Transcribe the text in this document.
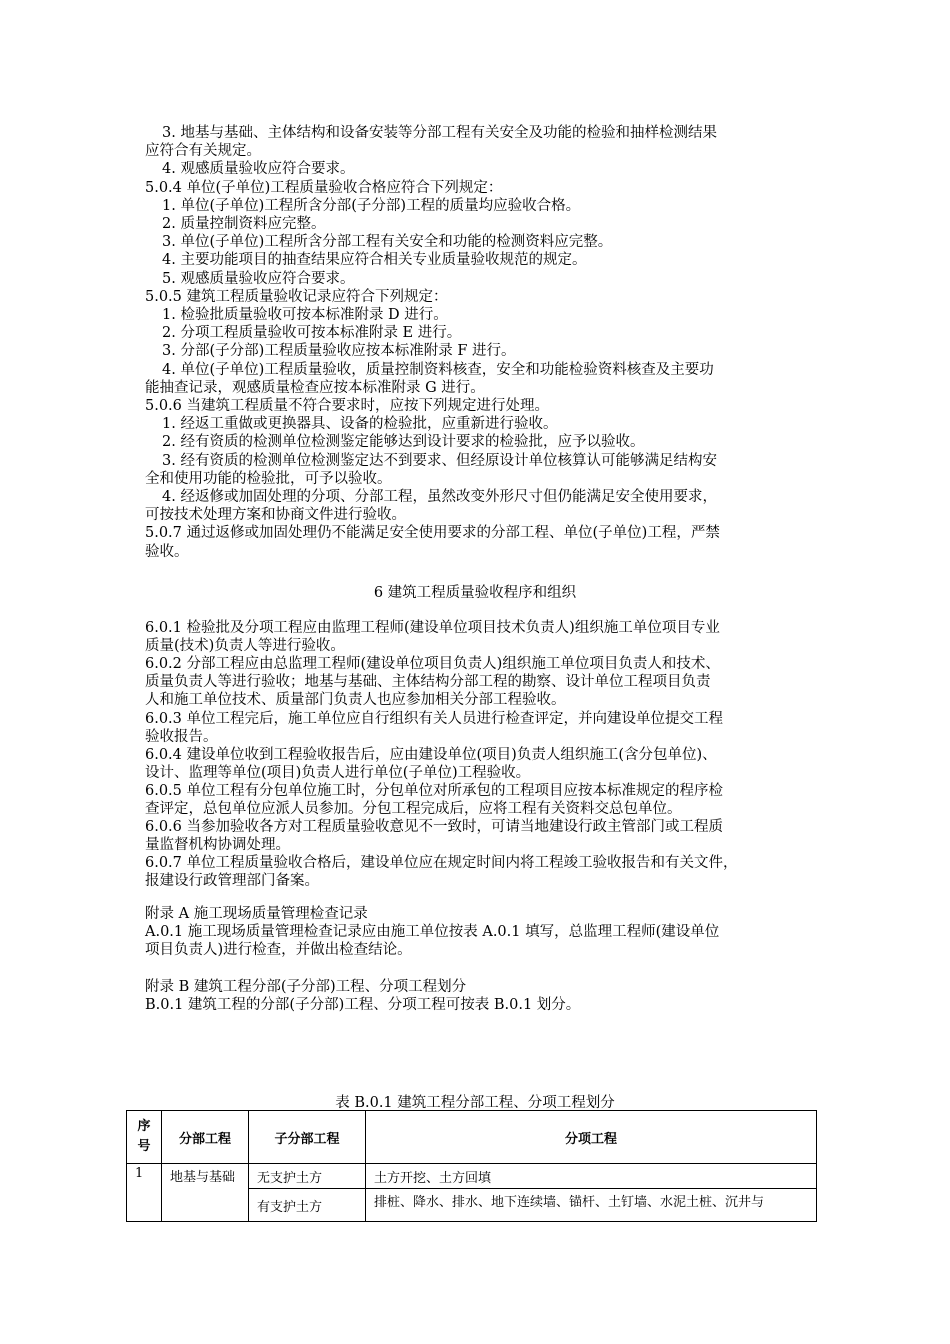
3. 地基与基础、主体结构和设备安装等分部工程有关安全及功能的检验和抽样检测结果
应符合有关规定。
4. 观感质量验收应符合要求。
5.0.4 单位(子单位)工程质量验收合格应符合下列规定：
1. 单位(子单位)工程所含分部(子分部)工程的质量均应验收合格。
2. 质量控制资料应完整。
3. 单位(子单位)工程所含分部工程有关安全和功能的检测资料应完整。
4. 主要功能项目的抽查结果应符合相关专业质量验收规范的规定。
5. 观感质量验收应符合要求。
5.0.5 建筑工程质量验收记录应符合下列规定：
1. 检验批质量验收可按本标准附录 D 进行。
2. 分项工程质量验收可按本标准附录 E 进行。
3. 分部(子分部)工程质量验收应按本标准附录 F 进行。
4. 单位(子单位)工程质量验收，质量控制资料核查，安全和功能检验资料核查及主要功
能抽查记录，观感质量检查应按本标准附录 G 进行。
5.0.6 当建筑工程质量不符合要求时，应按下列规定进行处理。
1. 经返工重做或更换器具、设备的检验批，应重新进行验收。
2. 经有资质的检测单位检测鉴定能够达到设计要求的检验批，应予以验收。
3. 经有资质的检测单位检测鉴定达不到要求、但经原设计单位核算认可能够满足结构安
全和使用功能的检验批，可予以验收。
4. 经返修或加固处理的分项、分部工程，虽然改变外形尺寸但仍能满足安全使用要求，
可按技术处理方案和协商文件进行验收。
5.0.7 通过返修或加固处理仍不能满足安全使用要求的分部工程、单位(子单位)工程，严禁
验收。
6 建筑工程质量验收程序和组织
6.0.1 检验批及分项工程应由监理工程师(建设单位项目技术负责人)组织施工单位项目专业
质量(技术)负责人等进行验收。
6.0.2 分部工程应由总监理工程师(建设单位项目负责人)组织施工单位项目负责人和技术、
质量负责人等进行验收；地基与基础、主体结构分部工程的勘察、设计单位工程项目负责
人和施工单位技术、质量部门负责人也应参加相关分部工程验收。
6.0.3 单位工程完后，施工单位应自行组织有关人员进行检查评定，并向建设单位提交工程
验收报告。
6.0.4 建设单位收到工程验收报告后，应由建设单位(项目)负责人组织施工(含分包单位)、
设计、监理等单位(项目)负责人进行单位(子单位)工程验收。
6.0.5 单位工程有分包单位施工时，分包单位对所承包的工程项目应按本标准规定的程序检
查评定，总包单位应派人员参加。分包工程完成后，应将工程有关资料交总包单位。
6.0.6 当参加验收各方对工程质量验收意见不一致时，可请当地建设行政主管部门或工程质
量监督机构协调处理。
6.0.7 单位工程质量验收合格后，建设单位应在规定时间内将工程竣工验收报告和有关文件，
报建设行政管理部门备案。
附录 A 施工现场质量管理检查记录
A.0.1 施工现场质量管理检查记录应由施工单位按表 A.0.1 填写，总监理工程师(建设单位
项目负责人)进行检查，并做出检查结论。
附录 B 建筑工程分部(子分部)工程、分项工程划分
B.0.1 建筑工程的分部(子分部)工程、分项工程可按表 B.0.1 划分。
表 B.0.1 建筑工程分部工程、分项工程划分
序号	分部工程	子分部工程	分项工程
1	地基与基础	无支护土方	土方开挖、土方回填
		有支护土方	排桩、降水、排水、地下连续墙、锚杆、土钉墙、水泥土桩、沉井与
